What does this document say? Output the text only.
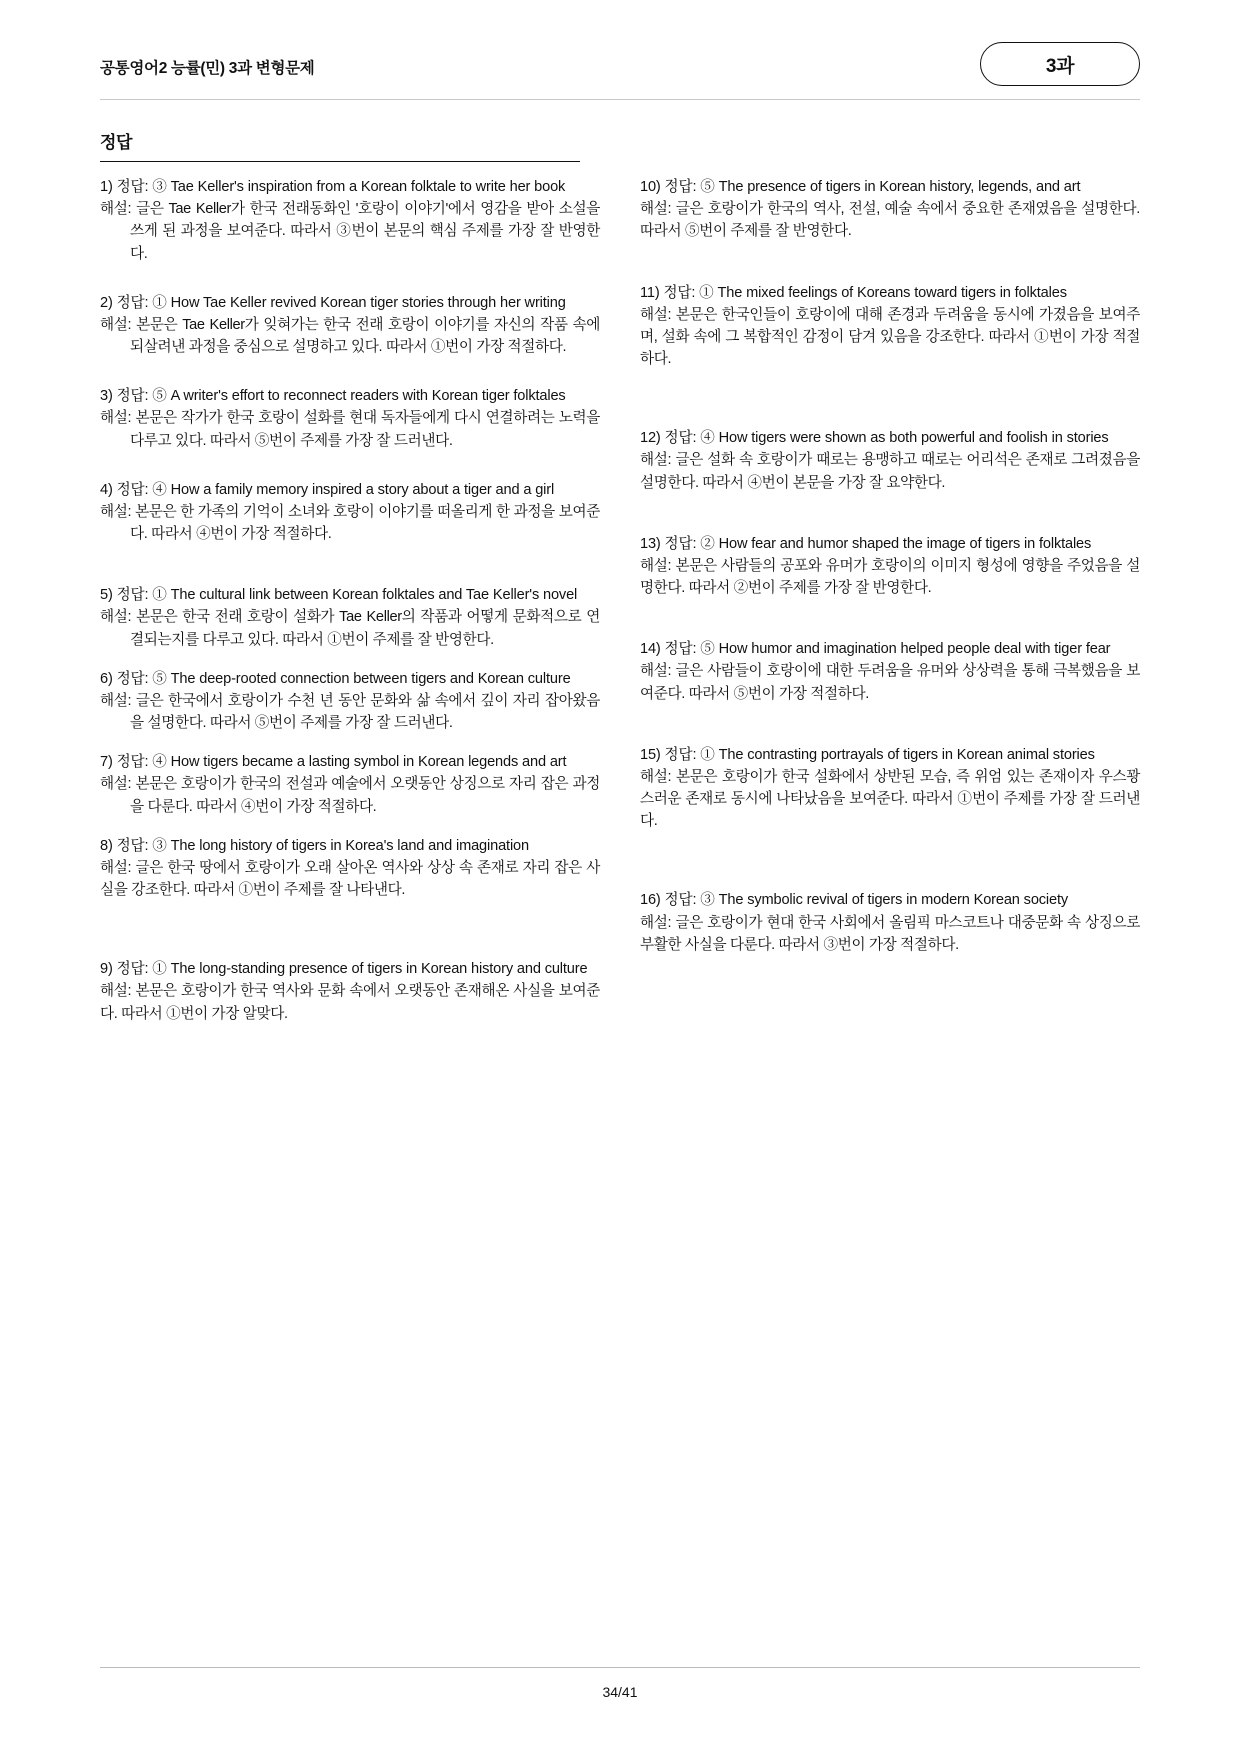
공통영어2 능률(민) 3과 변형문제	3과
정답
1) 정답: ③ Tae Keller's inspiration from a Korean folktale to write her book
해설: 글은 Tae Keller가 한국 전래동화인 '호랑이 이야기'에서 영감을 받아 소설을 쓰게 된 과정을 보여준다. 따라서 ③번이 본문의 핵심 주제를 가장 잘 반영한다.
2) 정답: ① How Tae Keller revived Korean tiger stories through her writing
해설: 본문은 Tae Keller가 잊혀가는 한국 전래 호랑이 이야기를 자신의 작품 속에 되살려낸 과정을 중심으로 설명하고 있다. 따라서 ①번이 가장 적절하다.
3) 정답: ⑤ A writer's effort to reconnect readers with Korean tiger folktales
해설: 본문은 작가가 한국 호랑이 설화를 현대 독자들에게 다시 연결하려는 노력을 다루고 있다. 따라서 ⑤번이 주제를 가장 잘 드러낸다.
4) 정답: ④ How a family memory inspired a story about a tiger and a girl
해설: 본문은 한 가족의 기억이 소녀와 호랑이 이야기를 떠올리게 한 과정을 보여준다. 따라서 ④번이 가장 적절하다.
5) 정답: ① The cultural link between Korean folktales and Tae Keller's novel
해설: 본문은 한국 전래 호랑이 설화가 Tae Keller의 작품과 어떻게 문화적으로 연결되는지를 다루고 있다. 따라서 ①번이 주제를 잘 반영한다.
6) 정답: ⑤ The deep-rooted connection between tigers and Korean culture
해설: 글은 한국에서 호랑이가 수천 년 동안 문화와 삶 속에서 깊이 자리 잡아왔음을 설명한다. 따라서 ⑤번이 주제를 가장 잘 드러낸다.
7) 정답: ④ How tigers became a lasting symbol in Korean legends and art
해설: 본문은 호랑이가 한국의 전설과 예술에서 오랫동안 상징으로 자리 잡은 과정을 다룬다. 따라서 ④번이 가장 적절하다.
8) 정답: ③ The long history of tigers in Korea's land and imagination
해설: 글은 한국 땅에서 호랑이가 오래 살아온 역사와 상상 속 존재로 자리 잡은 사실을 강조한다. 따라서 ①번이 주제를 잘 나타낸다.
9) 정답: ① The long-standing presence of tigers in Korean history and culture
해설: 본문은 호랑이가 한국 역사와 문화 속에서 오랫동안 존재해온 사실을 보여준다. 따라서 ①번이 가장 알맞다.
10) 정답: ⑤ The presence of tigers in Korean history, legends, and art
해설: 글은 호랑이가 한국의 역사, 전설, 예술 속에서 중요한 존재였음을 설명한다. 따라서 ⑤번이 주제를 잘 반영한다.
11) 정답: ① The mixed feelings of Koreans toward tigers in folktales
해설: 본문은 한국인들이 호랑이에 대해 존경과 두려움을 동시에 가졌음을 보여주며, 설화 속에 그 복합적인 감정이 담겨 있음을 강조한다. 따라서 ①번이 가장 적절하다.
12) 정답: ④ How tigers were shown as both powerful and foolish in stories
해설: 글은 설화 속 호랑이가 때로는 용맹하고 때로는 어리석은 존재로 그려졌음을 설명한다. 따라서 ④번이 본문을 가장 잘 요약한다.
13) 정답: ② How fear and humor shaped the image of tigers in folktales
해설: 본문은 사람들의 공포와 유머가 호랑이의 이미지 형성에 영향을 주었음을 설명한다. 따라서 ②번이 주제를 가장 잘 반영한다.
14) 정답: ⑤ How humor and imagination helped people deal with tiger fear
해설: 글은 사람들이 호랑이에 대한 두려움을 유머와 상상력을 통해 극복했음을 보여준다. 따라서 ⑤번이 가장 적절하다.
15) 정답: ① The contrasting portrayals of tigers in Korean animal stories
해설: 본문은 호랑이가 한국 설화에서 상반된 모습, 즉 위엄 있는 존재이자 우스꽝스러운 존재로 동시에 나타났음을 보여준다. 따라서 ①번이 주제를 가장 잘 드러낸다.
16) 정답: ③ The symbolic revival of tigers in modern Korean society
해설: 글은 호랑이가 현대 한국 사회에서 올림픽 마스코트나 대중문화 속 상징으로 부활한 사실을 다룬다. 따라서 ③번이 가장 적절하다.
34/41
